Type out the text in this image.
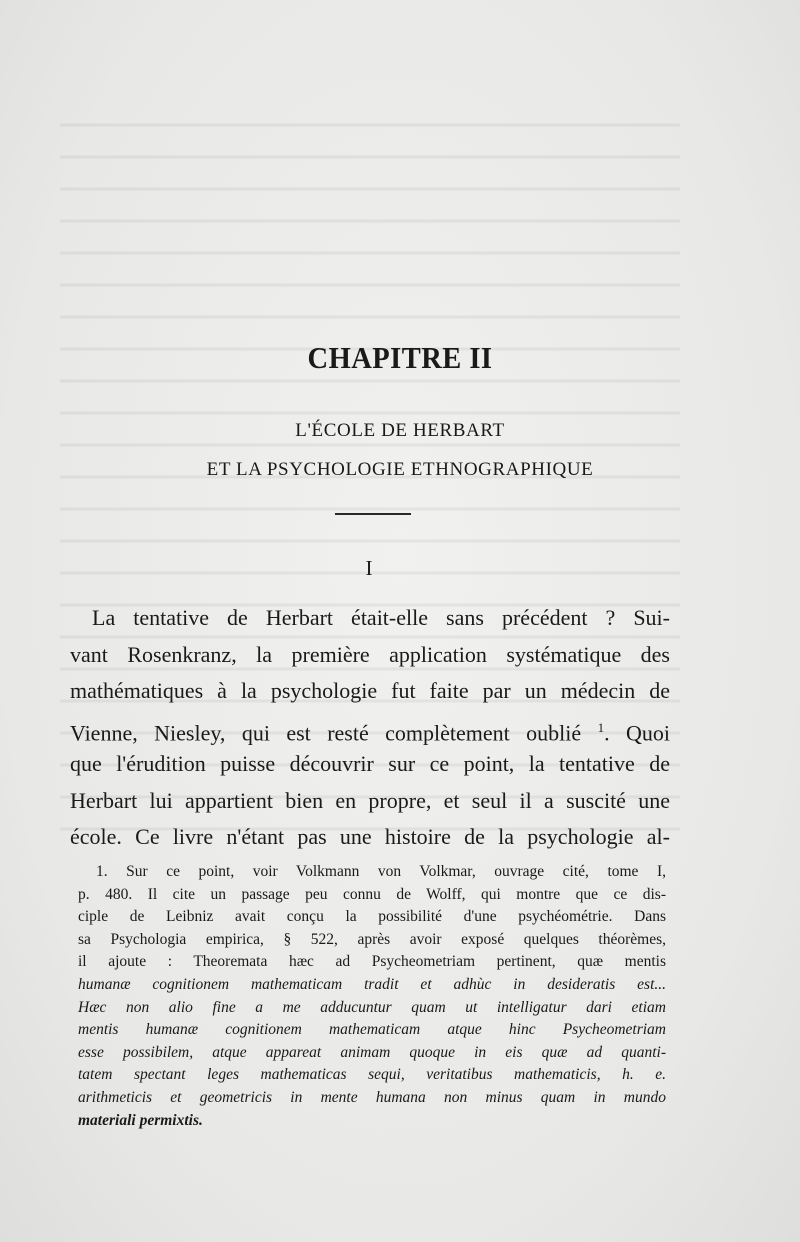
CHAPITRE II
L'ÉCOLE DE HERBART
ET LA PSYCHOLOGIE ETHNOGRAPHIQUE
I
La tentative de Herbart était-elle sans précédent ? Sui-
vant Rosenkranz, la première application systématique des
mathématiques à la psychologie fut faite par un médecin de
Vienne, Niesley, qui est resté complètement oublié $^1$. Quoi
que l'érudition puisse découvrir sur ce point, la tentative de
Herbart lui appartient bien en propre, et seul il a suscité une
école. Ce livre n'étant pas une histoire de la psychologie al-
1. Sur ce point, voir Volkmann von Volkmar, ouvrage cité, tome I,
p. 480. Il cite un passage peu connu de Wolff, qui montre que ce dis-
ciple de Leibniz avait conçu la possibilité d'une psychéométrie. Dans
sa Psychologia empirica, § 522, après avoir exposé quelques théorèmes,
il ajoute : Theoremata hæc ad Psycheometriam pertinent, quæ mentis
humanæ cognitionem mathematicam tradit et adhùc in desideratis est...
Hæc non alio fine a me adducuntur quam ut intelligatur dari etiam
mentis humanæ cognitionem mathematicam atque hinc Psycheometriam
esse possibilem, atque appareat animam quoque in eis quæ ad quanti-
tatem spectant leges mathematicas sequi, veritatibus mathematicis, h. e.
arithmeticis et geometricis in mente humana non minus quam in mundo
materiali permixtis.
